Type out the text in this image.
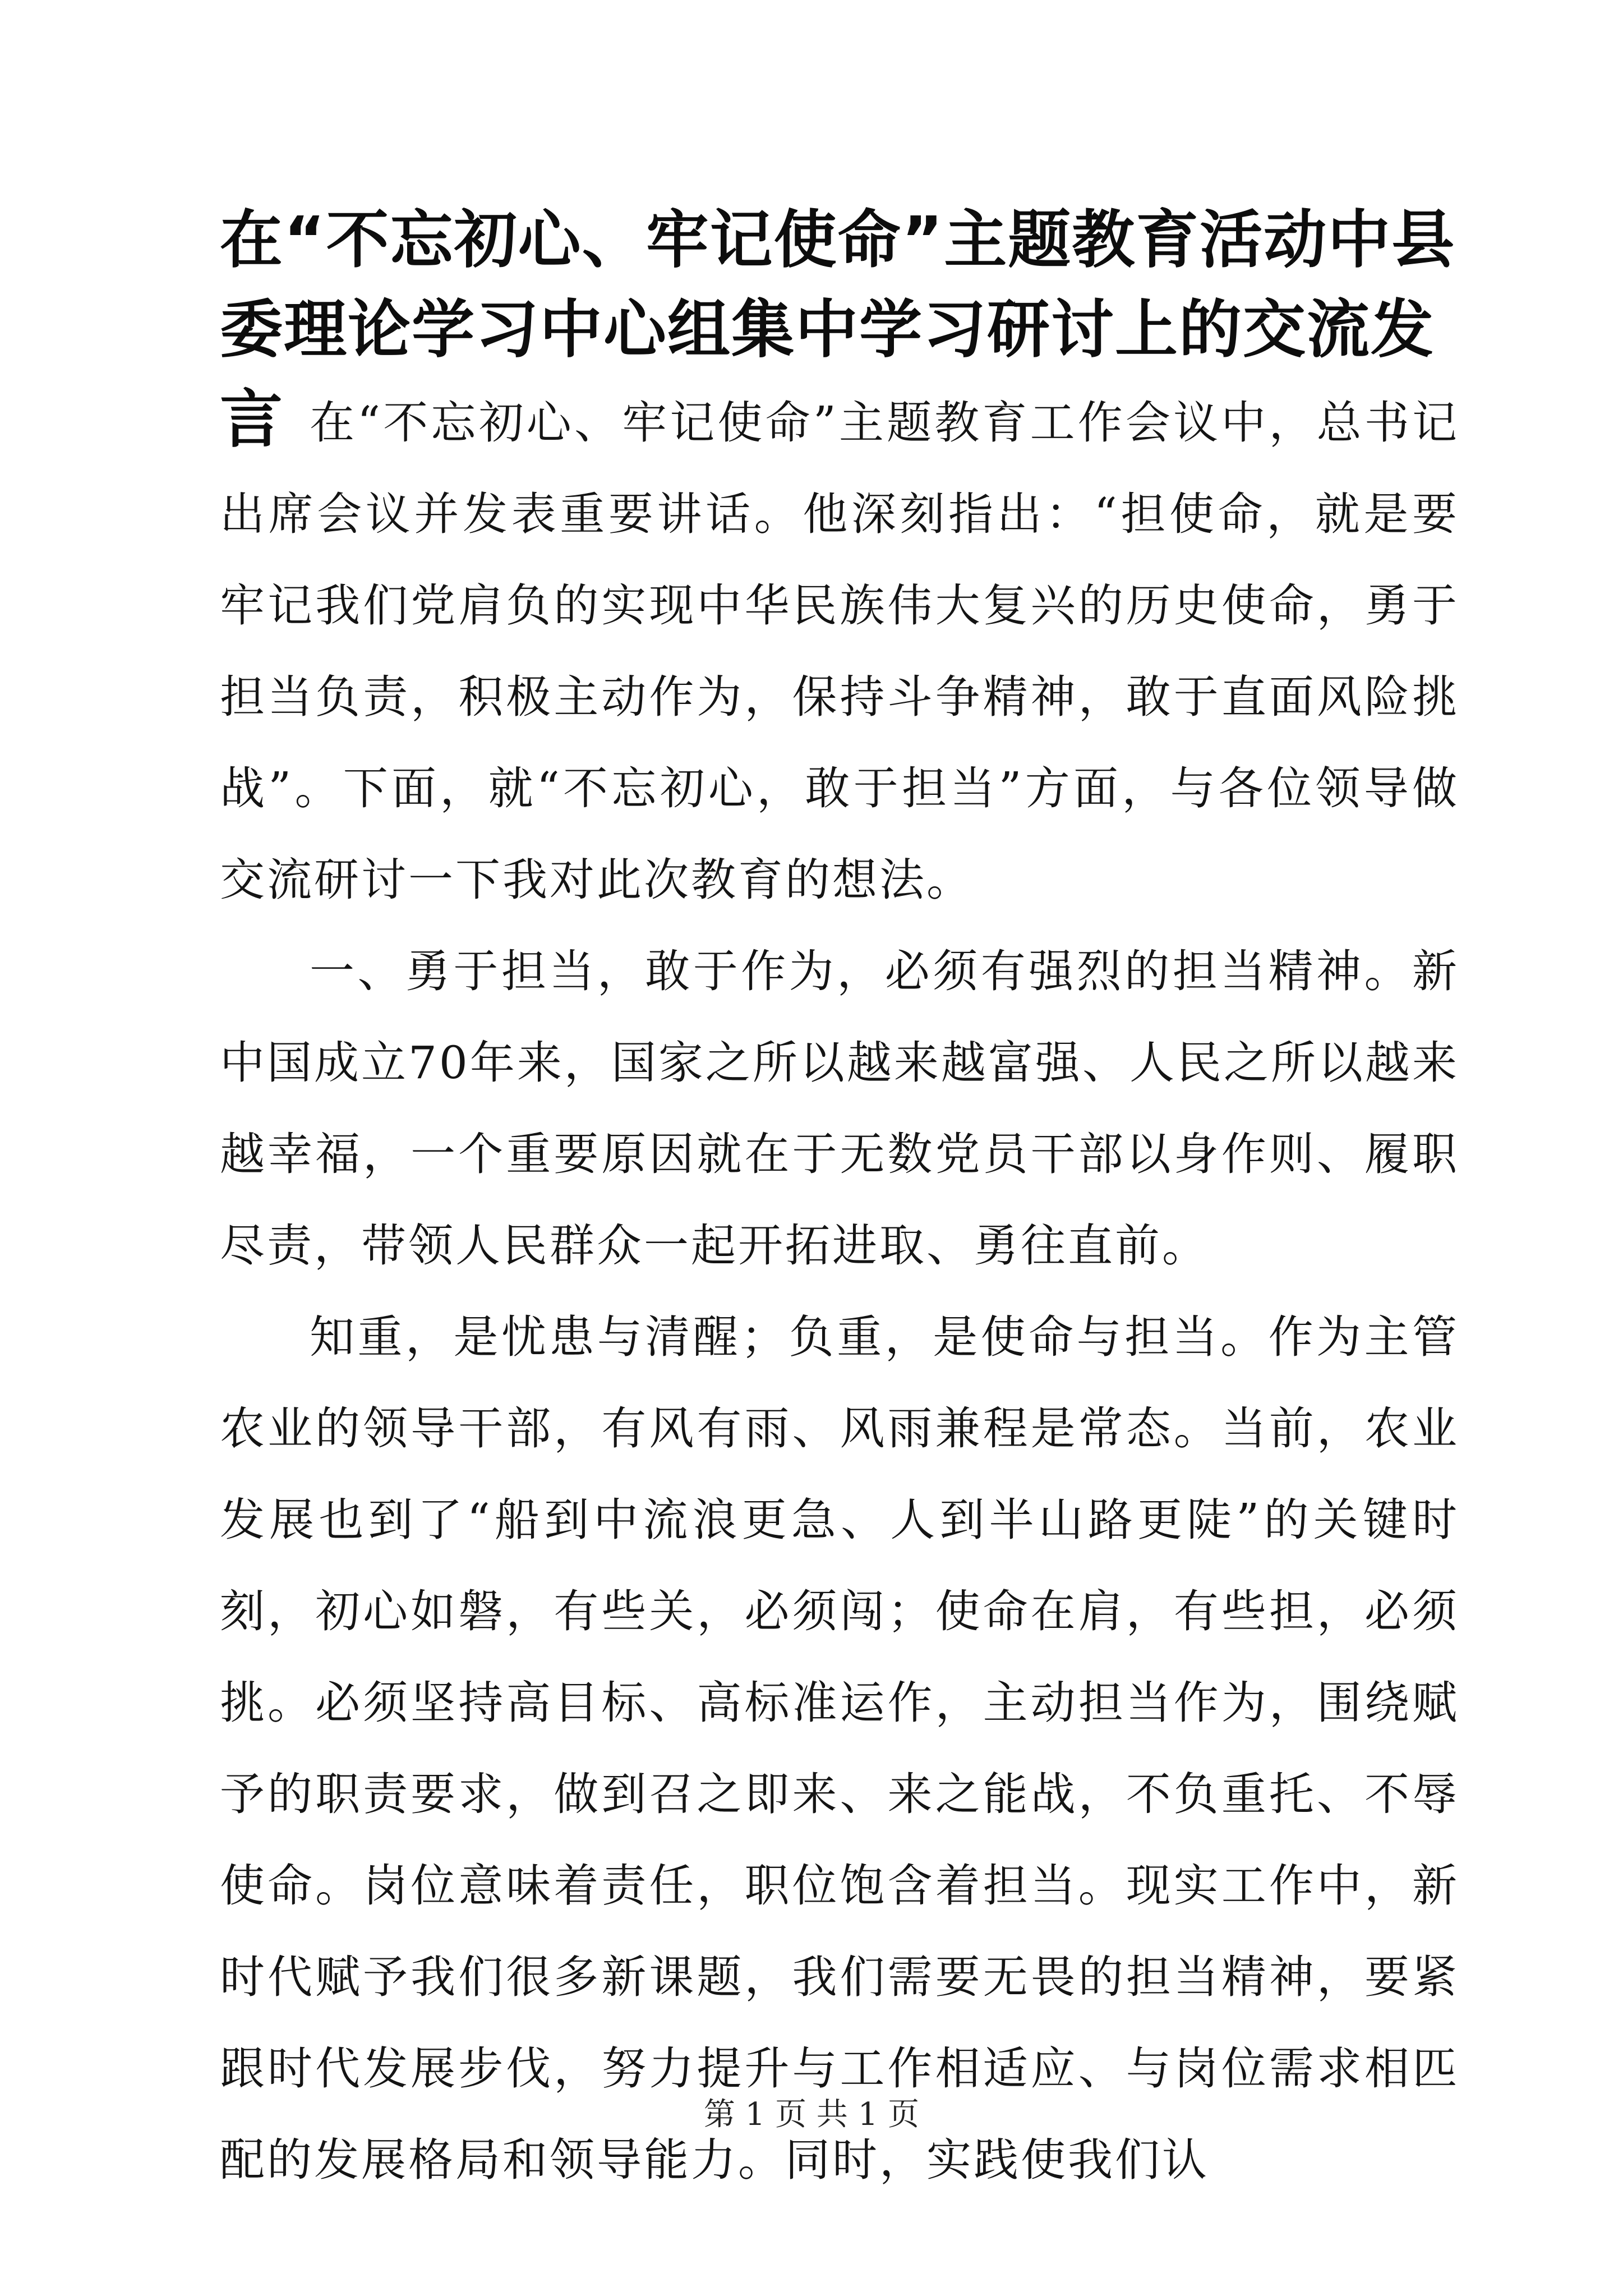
在“不忘初心、牢记使命”主题教育活动中县委理论学习中心组集中学习研讨上的交流发言 在“不忘初心、牢记使命”主题教育工作会议中，总书记出席会议并发表重要讲话。他深刻指出：“担使命，就是要牢记我们党肩负的实现中华民族伟大复兴的历史使命，勇于担当负责，积极主动作为，保持斗争精神，敢于直面风险挑战”。下面，就“不忘初心，敢于担当”方面，与各位领导做交流研讨一下我对此次教育的想法。

一、勇于担当，敢于作为，必须有强烈的担当精神。新中国成立70年来，国家之所以越来越富强、人民之所以越来越幸福，一个重要原因就在于无数党员干部以身作则、履职尽责，带领人民群众一起开拓进取、勇往直前。

知重，是忧患与清醒；负重，是使命与担当。作为主管农业的领导干部，有风有雨、风雨兼程是常态。当前，农业发展也到了“船到中流浪更急、人到半山路更陡”的关键时刻，初心如磐，有些关，必须闯；使命在肩，有些担，必须挑。必须坚持高目标、高标准运作，主动担当作为，围绕赋予的职责要求，做到召之即来、来之能战，不负重托、不辱使命。岗位意味着责任，职位饱含着担当。现实工作中，新时代赋予我们很多新课题，我们需要无畏的担当精神，要紧跟时代发展步伐，努力提升与工作相适应、与岗位需求相匹配的发展格局和领导能力。同时，实践使我们认

第 1 页 共 1 页
